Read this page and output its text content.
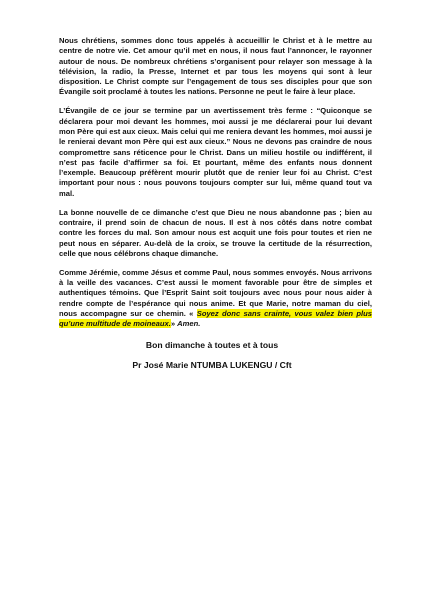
Nous chrétiens, sommes donc tous appelés à accueillir le Christ et à le mettre au centre de notre vie. Cet amour qu’il met en nous, il nous faut l’annoncer, le rayonner autour de nous. De nombreux chrétiens s’organisent pour relayer son message à la télévision, la radio, la Presse, Internet et par tous les moyens qui sont à leur disposition. Le Christ compte sur l’engagement de tous ses disciples pour que son Évangile soit proclamé à toutes les nations. Personne ne peut le faire à leur place.

L’Évangile de ce jour se termine par un avertissement très ferme : “Quiconque se déclarera pour moi devant les hommes, moi aussi je me déclarerai pour lui devant mon Père qui est aux cieux. Mais celui qui me reniera devant les hommes, moi aussi je le renierai devant mon Père qui est aux cieux.” Nous ne devons pas craindre de nous compromettre sans réticence pour le Christ. Dans un milieu hostile ou indifférent, il n’est pas facile d’affirmer sa foi. Et pourtant, même des enfants nous donnent l’exemple. Beaucoup préfèrent mourir plutôt que de renier leur foi au Christ. C’est important pour nous : nous pouvons toujours compter sur lui, même quand tout va mal.

La bonne nouvelle de ce dimanche c’est que Dieu ne nous abandonne pas ; bien au contraire, il prend soin de chacun de nous. Il est à nos côtés dans notre combat contre les forces du mal. Son amour nous est acquit une fois pour toutes et rien ne peut nous en séparer. Au-delà de la croix, se trouve la certitude de la résurrection, celle que nous célébrons chaque dimanche.

Comme Jérémie, comme Jésus et comme Paul, nous sommes envoyés. Nous arrivons à la veille des vacances. C’est aussi le moment favorable pour être de simples et authentiques témoins. Que l’Esprit Saint soit toujours avec nous pour nous aider à rendre compte de l’espérance qui nous anime. Et que Marie, notre maman du ciel, nous accompagne sur ce chemin. « Soyez donc sans crainte, vous valez bien plus qu’une multitude de moineaux.» Amen.

Bon dimanche à toutes et à tous
Pr José Marie NTUMBA LUKENGU / Cft
